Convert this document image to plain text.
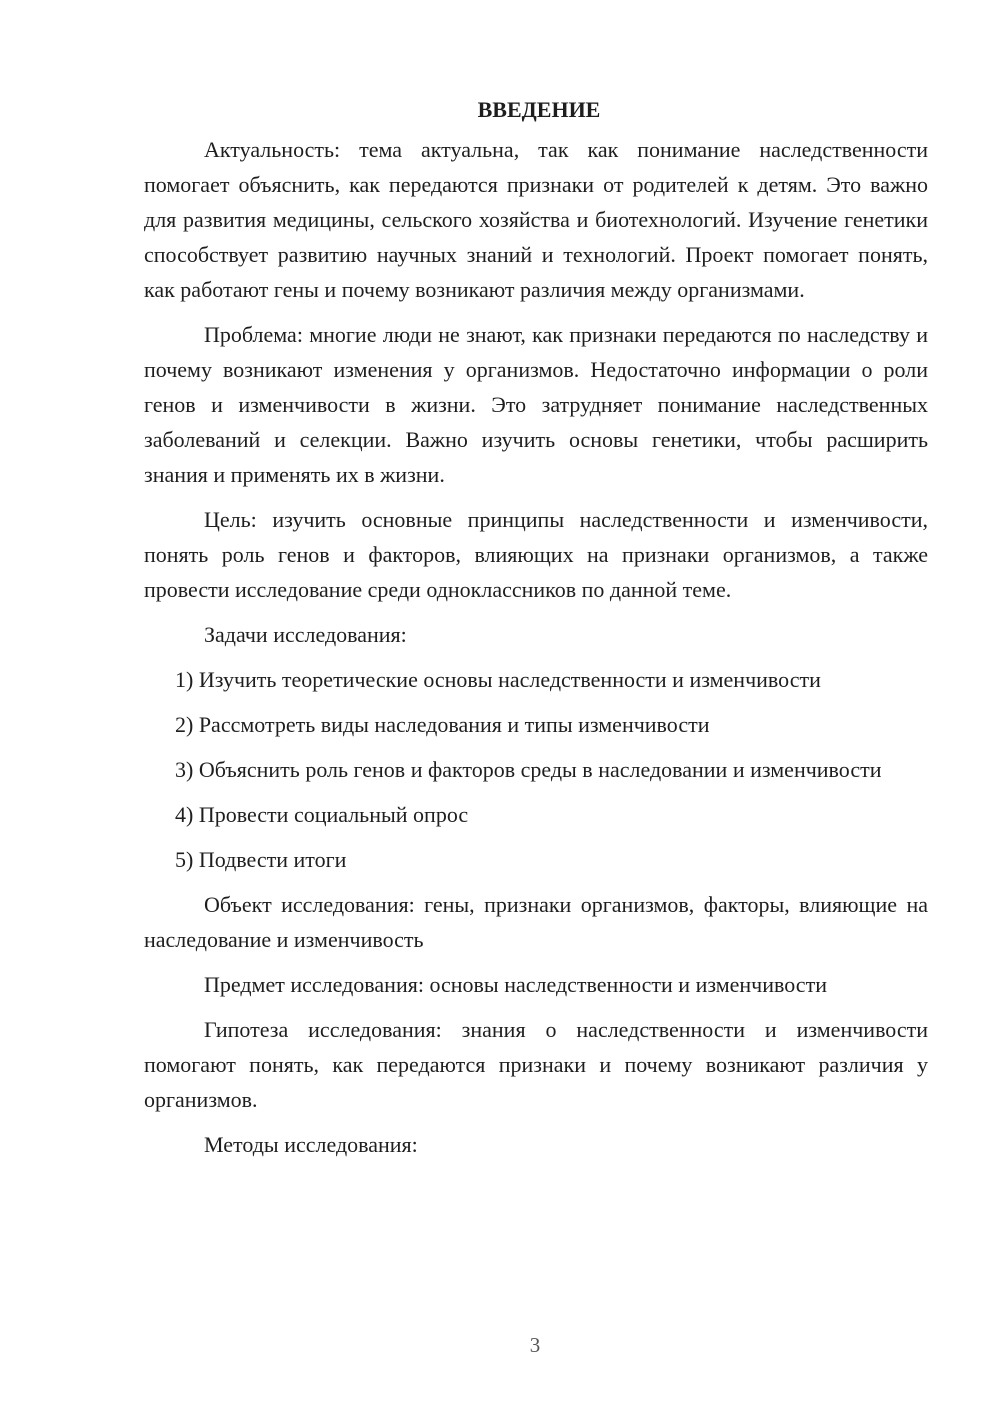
ВВЕДЕНИЕ

Актуальность: тема актуальна, так как понимание наследственности помогает объяснить, как передаются признаки от родителей к детям. Это важно для развития медицины, сельского хозяйства и биотехнологий. Изучение генетики способствует развитию научных знаний и технологий. Проект помогает понять, как работают гены и почему возникают различия между организмами.

Проблема: многие люди не знают, как признаки передаются по наследству и почему возникают изменения у организмов. Недостаточно информации о роли генов и изменчивости в жизни. Это затрудняет понимание наследственных заболеваний и селекции. Важно изучить основы генетики, чтобы расширить знания и применять их в жизни.

Цель: изучить основные принципы наследственности и изменчивости, понять роль генов и факторов, влияющих на признаки организмов, а также провести исследование среди одноклассников по данной теме.

Задачи исследования:

1) Изучить теоретические основы наследственности и изменчивости

2) Рассмотреть виды наследования и типы изменчивости

3) Объяснить роль генов и факторов среды в наследовании и изменчивости

4) Провести социальный опрос

5) Подвести итоги

Объект исследования: гены, признаки организмов, факторы, влияющие на наследование и изменчивость

Предмет исследования: основы наследственности и изменчивости

Гипотеза исследования: знания о наследственности и изменчивости помогают понять, как передаются признаки и почему возникают различия у организмов.

Методы исследования:

3
